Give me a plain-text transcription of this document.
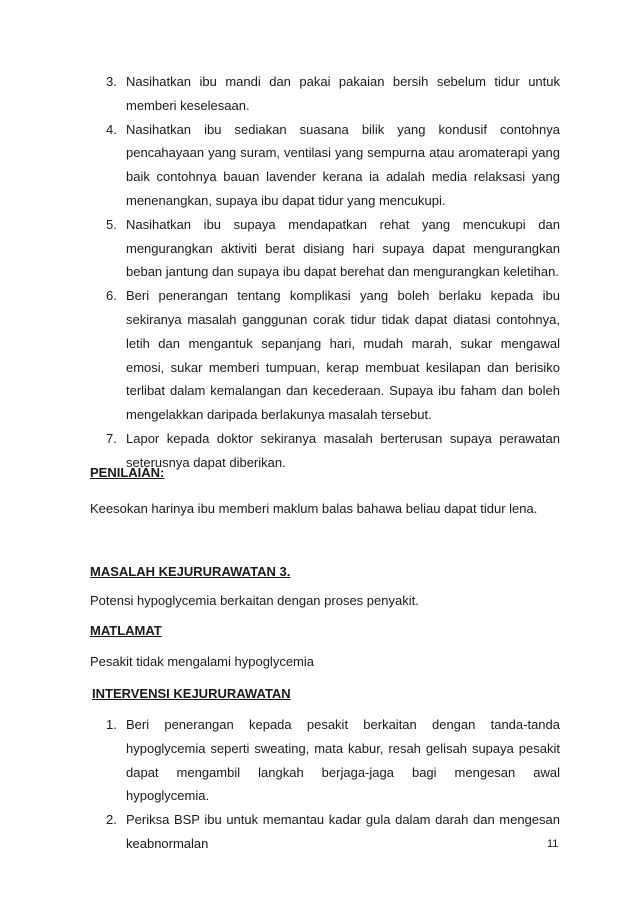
3. Nasihatkan ibu mandi dan pakai pakaian bersih sebelum tidur untuk memberi keselesaan.
4. Nasihatkan ibu sediakan suasana bilik yang kondusif contohnya pencahayaan yang suram, ventilasi yang sempurna atau aromaterapi yang baik contohnya bauan lavender kerana ia adalah media relaksasi yang menenangkan, supaya ibu dapat tidur yang mencukupi.
5. Nasihatkan ibu supaya mendapatkan rehat yang mencukupi dan mengurangkan aktiviti berat disiang hari supaya dapat mengurangkan beban jantung dan supaya ibu dapat berehat dan mengurangkan keletihan.
6. Beri penerangan tentang komplikasi yang boleh berlaku kepada ibu sekiranya masalah ganggunan corak tidur tidak dapat diatasi contohnya, letih dan mengantuk sepanjang hari, mudah marah, sukar mengawal emosi, sukar memberi tumpuan, kerap membuat kesilapan dan berisiko terlibat dalam kemalangan dan kecederaan. Supaya ibu faham dan boleh mengelakkan daripada berlakunya masalah tersebut.
7. Lapor kepada doktor sekiranya masalah berterusan supaya perawatan seterusnya dapat diberikan.
PENILAIAN:
Keesokan harinya ibu memberi maklum balas bahawa beliau dapat tidur lena.
MASALAH KEJURURAWATAN 3.
Potensi hypoglycemia berkaitan dengan proses penyakit.
MATLAMAT
Pesakit tidak mengalami hypoglycemia
INTERVENSI KEJURURAWATAN
1. Beri penerangan kepada pesakit berkaitan dengan tanda-tanda hypoglycemia seperti sweating, mata kabur, resah gelisah supaya pesakit dapat mengambil langkah berjaga-jaga bagi mengesan awal hypoglycemia.
2. Periksa BSP ibu untuk memantau kadar gula dalam darah dan mengesan keabnormalan	11
